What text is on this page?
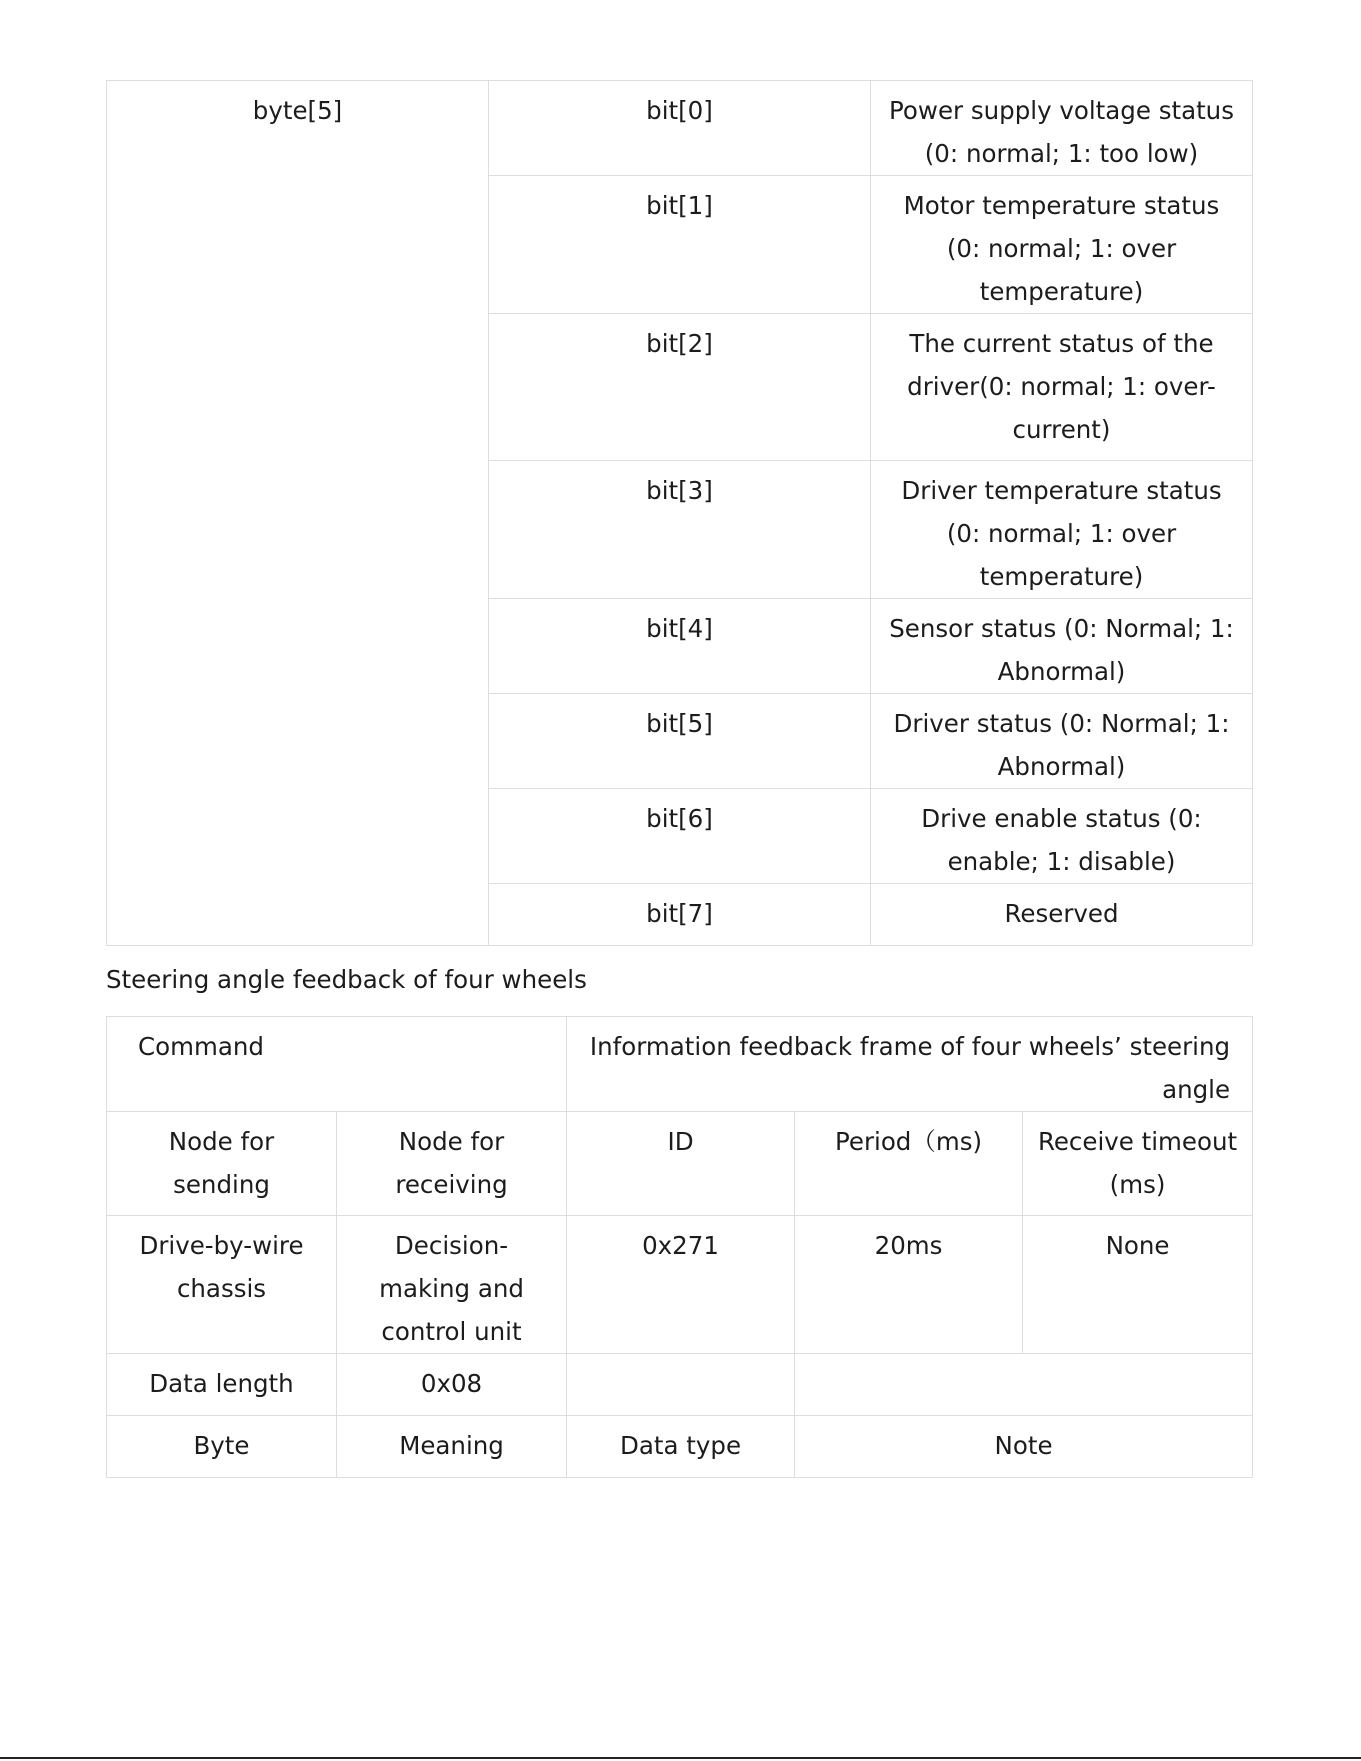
byte[5]	bit[0]	Power supply voltage status (0: normal; 1: too low)
	bit[1]	Motor temperature status (0: normal; 1: over temperature)
	bit[2]	The current status of the driver(0: normal; 1: over-current)
	bit[3]	Driver temperature status (0: normal; 1: over temperature)
	bit[4]	Sensor status (0: Normal; 1: Abnormal)
	bit[5]	Driver status (0: Normal; 1: Abnormal)
	bit[6]	Drive enable status (0: enable; 1: disable)
	bit[7]	Reserved
Steering angle feedback of four wheels
Command		Information feedback frame of four wheels’ steering angle		
Node for sending	Node for receiving	ID	Period（ms)	Receive timeout (ms)
Drive-by-wire chassis	Decision-making and control unit	0x271	20ms	None
Data length	0x08			
Byte	Meaning	Data type	Note	
